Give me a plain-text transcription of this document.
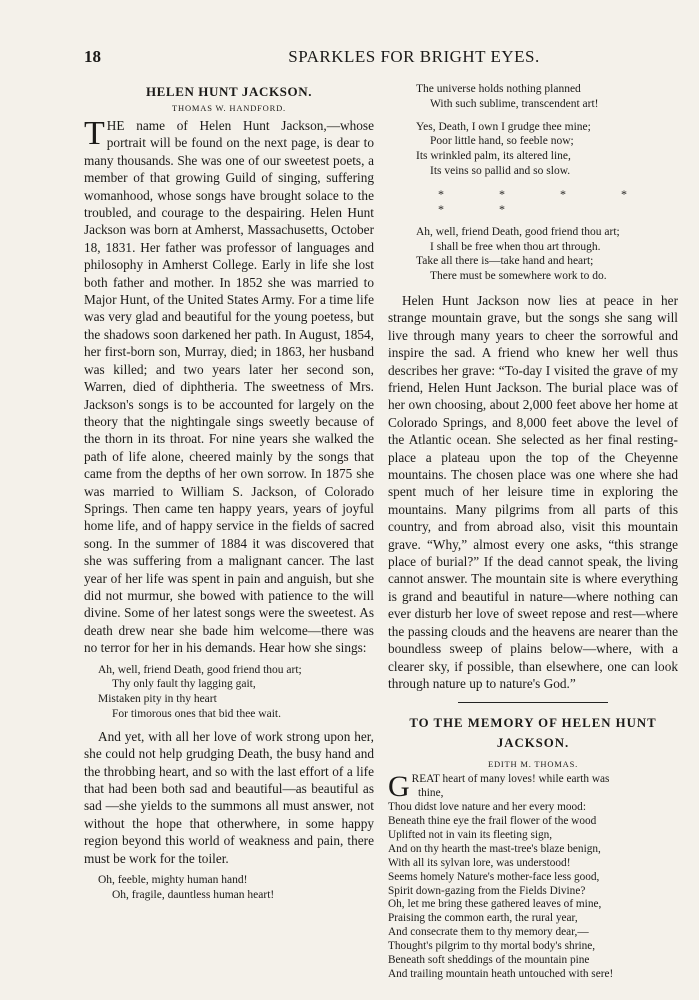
18	SPARKLES FOR BRIGHT EYES.
HELEN HUNT JACKSON.
THOMAS W. HANDFORD.

THE name of Helen Hunt Jackson,—whose portrait will be found on the next page, is dear to many thousands. She was one of our sweetest poets, a member of that growing Guild of singing, suffering womanhood, whose songs have brought solace to the troubled, and courage to the despairing. Helen Hunt Jackson was born at Amherst, Massachusetts, October 18, 1831. Her father was professor of languages and philosophy in Amherst College. Early in life she lost both father and mother. In 1852 she was married to Major Hunt, of the United States Army. For a time life was very glad and beautiful for the young poetess, but the shadows soon darkened her path. In August, 1854, her first-born son, Murray, died; in 1863, her husband was killed; and two years later her second son, Warren, died of diphtheria. The sweetness of Mrs. Jackson's songs is to be accounted for largely on the theory that the nightingale sings sweetly because of the thorn in its throat. For nine years she walked the path of life alone, cheered mainly by the songs that came from the depths of her own sorrow. In 1875 she was married to William S. Jackson, of Colorado Springs. Then came ten happy years, years of joyful home life, and of happy service in the fields of sacred song. In the summer of 1884 it was discovered that she was suffering from a malignant cancer. The last year of her life was spent in pain and anguish, but she did not murmur, she bowed with patience to the will divine. Some of her latest songs were the sweetest. As death drew near she bade him welcome—there was no terror for her in his demands. Hear how she sings:

Ah, well, friend Death, good friend thou art;
Thy only fault thy lagging gait,
Mistaken pity in thy heart
For timorous ones that bid thee wait.

And yet, with all her love of work strong upon her, she could not help grudging Death, the busy hand and the throbbing heart, and so with the last effort of a life that had been both sad and beautiful—as beautiful as sad —she yields to the summons all must answer, not without the hope that otherwhere, in some happy region beyond this world of weakness and pain, there must be work for the toiler.

Oh, feeble, mighty human hand!
Oh, fragile, dauntless human heart!
The universe holds nothing planned
With such sublime, transcendent art!
Yes, Death, I own I grudge thee mine;
Poor little hand, so feeble now;
Its wrinkled palm, its altered line,
Its veins so pallid and so slow.
* * * * * *
Ah, well, friend Death, good friend thou art;
I shall be free when thou art through.
Take all there is—take hand and heart;
There must be somewhere work to do.

Helen Hunt Jackson now lies at peace in her strange mountain grave, but the songs she sang will live through many years to cheer the sorrowful and inspire the sad. A friend who knew her well thus describes her grave: “To-day I visited the grave of my friend, Helen Hunt Jackson. The burial place was of her own choosing, about 2,000 feet above her home at Colorado Springs, and 8,000 feet above the level of the Atlantic ocean. She selected as her final resting-place a plateau upon the top of the Cheyenne mountains. The chosen place was one where she had spent much of her leisure time in exploring the mountains. Many pilgrims from all parts of this country, and from abroad also, visit this mountain grave. “Why,” almost every one asks, “this strange place of burial?” If the dead cannot speak, the living cannot answer. The mountain site is where everything is grand and beautiful in nature—where nothing can ever disturb her love of sweet repose and rest—where the passing clouds and the heavens are nearer than the boundless sweep of plains below—where, with a clearer sky, if possible, than elsewhere, one can look through nature up to nature's God.”

TO THE MEMORY OF HELEN HUNT JACKSON.
EDITH M. THOMAS.
G REAT heart of many loves! while earth was
thine,
Thou didst love nature and her every mood:
Beneath thine eye the frail flower of the wood
Uplifted not in vain its fleeting sign,
And on thy hearth the mast-tree's blaze benign,
With all its sylvan lore, was understood!
Seems homely Nature's mother-face less good,
Spirit down-gazing from the Fields Divine?
Oh, let me bring these gathered leaves of mine,
Praising the common earth, the rural year,
And consecrate them to thy memory dear,—
Thought's pilgrim to thy mortal body's shrine,
Beneath soft sheddings of the mountain pine
And trailing mountain heath untouched with sere!
